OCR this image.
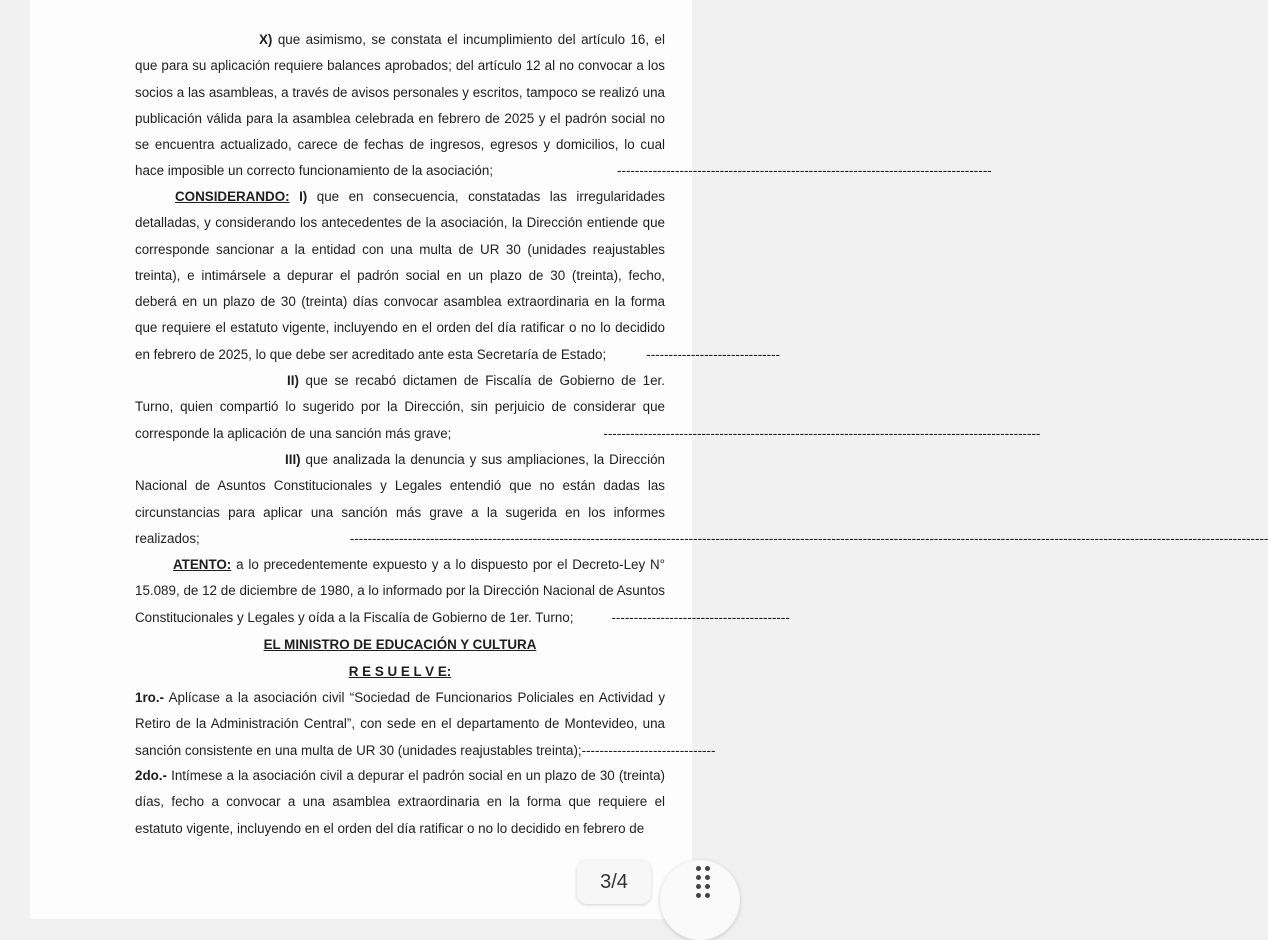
X) que asimismo, se constata el incumplimiento del artículo 16, el que para su aplicación requiere balances aprobados; del artículo 12 al no convocar a los socios a las asambleas, a través de avisos personales y escritos, tampoco se realizó una publicación válida para la asamblea celebrada en febrero de 2025 y el padrón social no se encuentra actualizado, carece de fechas de ingresos, egresos y domicilios, lo cual hace imposible un correcto funcionamiento de la asociación;	------------------------------------------------------------------------------------
CONSIDERANDO: I) que en consecuencia, constatadas las irregularidades detalladas, y considerando los antecedentes de la asociación, la Dirección entiende que corresponde sancionar a la entidad con una multa de UR 30 (unidades reajustables treinta), e intimársele a depurar el padrón social en un plazo de 30 (treinta), fecho, deberá en un plazo de 30 (treinta) días convocar asamblea extraordinaria en la forma que requiere el estatuto vigente, incluyendo en el orden del día ratificar o no lo decidido en febrero de 2025, lo que debe ser acreditado ante esta Secretaría de Estado;	------------------------------
II) que se recabó dictamen de Fiscalía de Gobierno de 1er. Turno, quien compartió lo sugerido por la Dirección, sin perjuicio de considerar que corresponde la aplicación de una sanción más grave;	--------------------------------------------------------------------------------------------------
III) que analizada la denuncia y sus ampliaciones, la Dirección Nacional de Asuntos Constitucionales y Legales entendió que no están dadas las circunstancias para aplicar una sanción más grave a la sugerida en los informes realizados;	--------------------------------------------------------------------------------------------------------------------------------------------------------------------------------------------------------------
ATENTO: a lo precedentemente expuesto y a lo dispuesto por el Decreto-Ley N° 15.089, de 12 de diciembre de 1980, a lo informado por la Dirección Nacional de Asuntos Constitucionales y Legales y oída a la Fiscalía de Gobierno de 1er. Turno;	----------------------------------------
EL MINISTRO DE EDUCACIÓN Y CULTURA
R E S U E L V E:
1ro.- Aplícase a la asociación civil “Sociedad de Funcionarios Policiales en Actividad y Retiro de la Administración Central”, con sede en el departamento de Montevideo, una sanción consistente en una multa de UR 30 (unidades reajustables treinta);------------------------------
2do.- Intímese a la asociación civil a depurar el padrón social en un plazo de 30 (treinta) días, fecho a convocar a una asamblea extraordinaria en la forma que requiere el estatuto vigente, incluyendo en el orden del día ratificar o no lo decidido en febrero de
3/4
